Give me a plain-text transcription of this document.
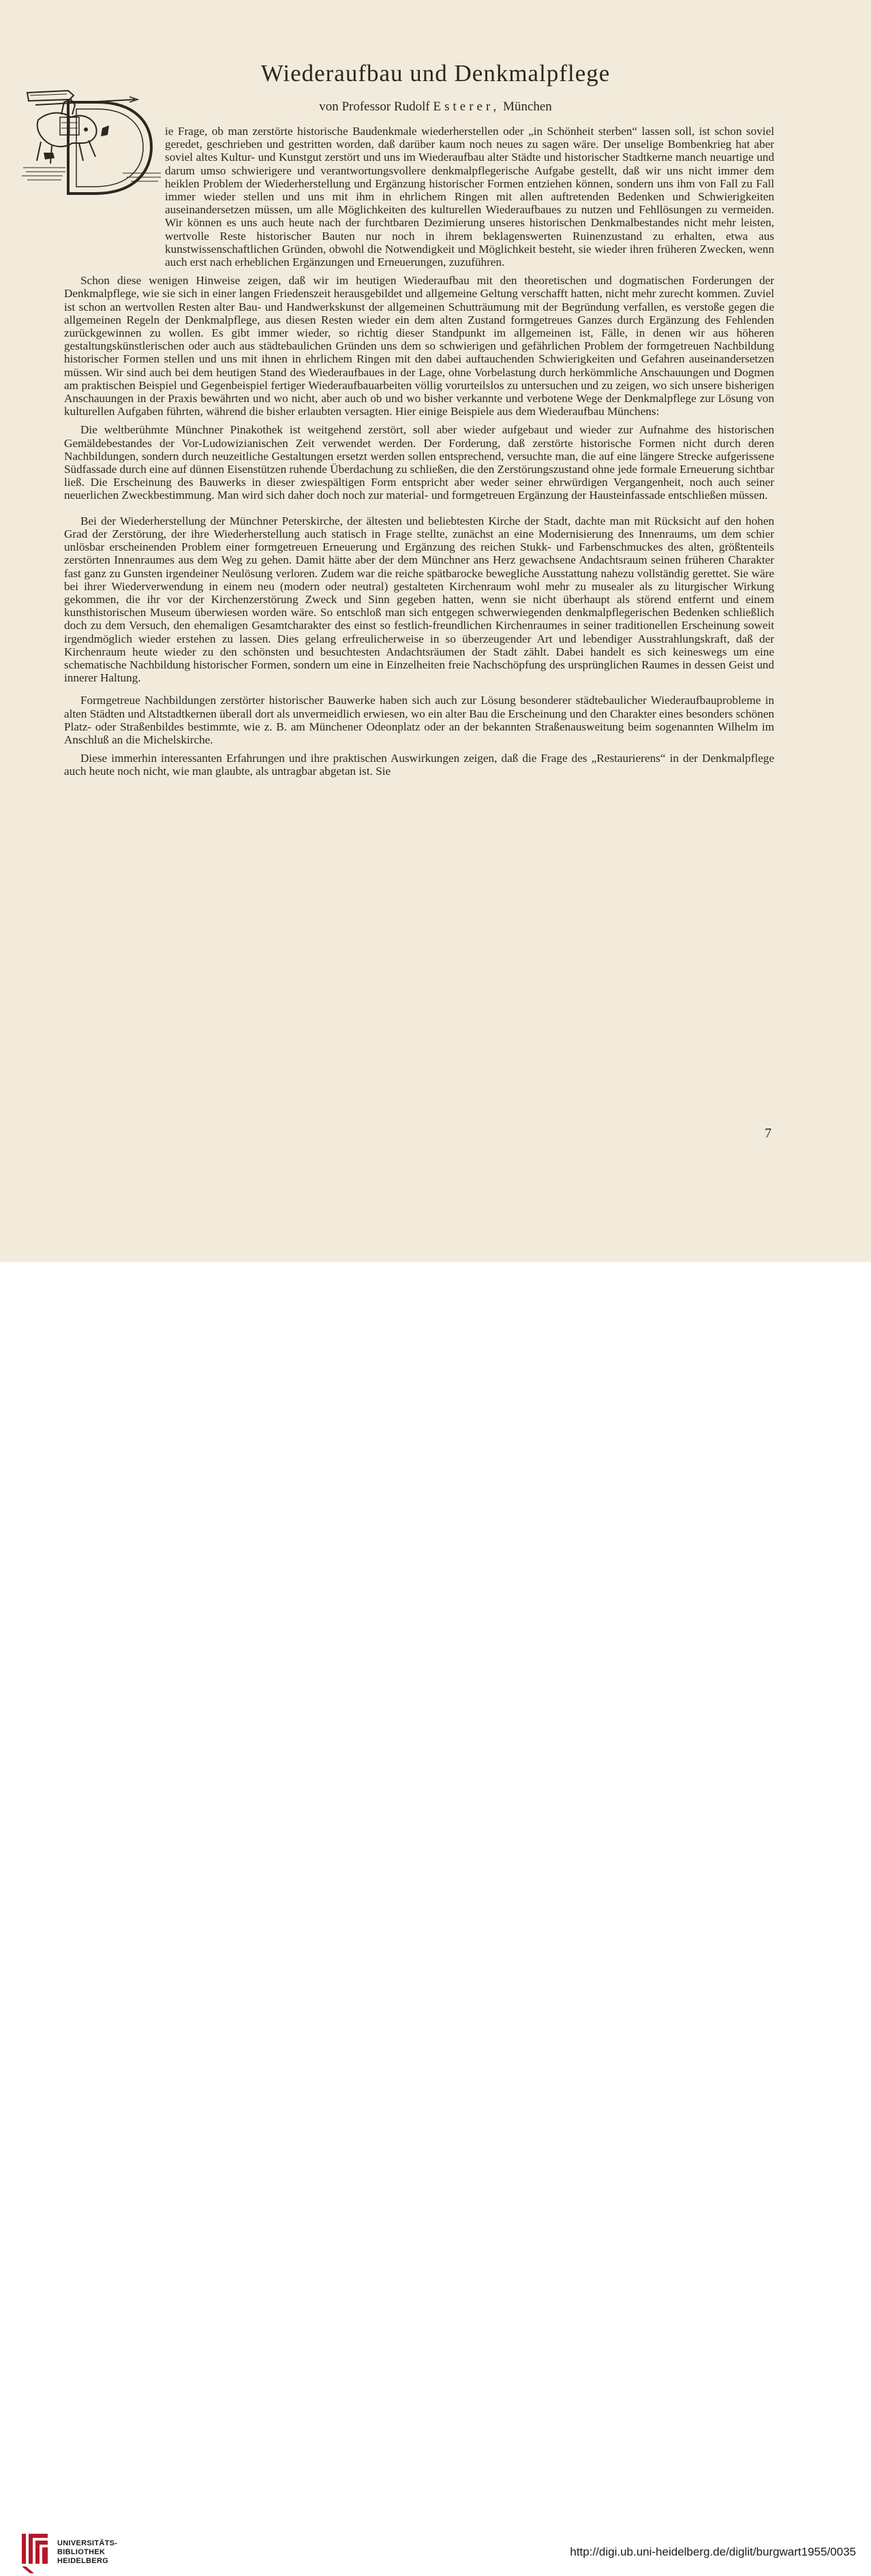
Wiederaufbau und Denkmalpflege
von Professor Rudolf Esterer, München

ie Frage, ob man zerstörte historische Baudenkmale wiederherstellen oder „in Schönheit sterben“ lassen soll, ist schon soviel geredet, geschrieben und gestritten worden, daß darüber kaum noch neues zu sagen wäre. Der unselige Bombenkrieg hat aber soviel altes Kultur- und Kunstgut zerstört und uns im Wiederaufbau alter Städte und historischer Stadtkerne manch neuartige und darum umso schwierigere und verantwortungsvollere denkmalpflegerische Aufgabe gestellt, daß wir uns nicht immer dem heiklen Problem der Wiederherstellung und Ergänzung historischer Formen entziehen können, sondern uns ihm von Fall zu Fall immer wieder stellen und uns mit ihm in ehrlichem Ringen mit allen auftretenden Bedenken und Schwierigkeiten auseinandersetzen müssen, um alle Möglichkeiten des kulturellen Wiederaufbaues zu nutzen und Fehllösungen zu vermeiden. Wir können es uns auch heute nach der furchtbaren Dezimierung unseres historischen Denkmalbestandes nicht mehr leisten, wertvolle Reste historischer Bauten nur noch in ihrem beklagenswerten Ruinenzustand zu erhalten, etwa aus kunstwissenschaftlichen Gründen, obwohl die Notwendigkeit und Möglichkeit besteht, sie wieder ihren früheren Zwecken, wenn auch erst nach erheblichen Ergänzungen und Erneuerungen, zuzuführen.

Schon diese wenigen Hinweise zeigen, daß wir im heutigen Wiederaufbau mit den theoretischen und dogmatischen Forderungen der Denkmalpflege, wie sie sich in einer langen Friedenszeit herausgebildet und allgemeine Geltung verschafft hatten, nicht mehr zurecht kommen. Zuviel ist schon an wertvollen Resten alter Bau- und Handwerkskunst der allgemeinen Schutträumung mit der Begründung verfallen, es verstoße gegen die allgemeinen Regeln der Denkmalpflege, aus diesen Resten wieder ein dem alten Zustand formgetreues Ganzes durch Ergänzung des Fehlenden zurückgewinnen zu wollen. Es gibt immer wieder, so richtig dieser Standpunkt im allgemeinen ist, Fälle, in denen wir aus höheren gestaltungskünstlerischen oder auch aus städtebaulichen Gründen uns dem so schwierigen und gefährlichen Problem der formgetreuen Nachbildung historischer Formen stellen und uns mit ihnen in ehrlichem Ringen mit den dabei auftauchenden Schwierigkeiten und Gefahren auseinandersetzen müssen. Wir sind auch bei dem heutigen Stand des Wiederaufbaues in der Lage, ohne Vorbelastung durch herkömmliche Anschauungen und Dogmen am praktischen Beispiel und Gegenbeispiel fertiger Wiederaufbauarbeiten völlig vorurteilslos zu untersuchen und zu zeigen, wo sich unsere bisherigen Anschauungen in der Praxis bewährten und wo nicht, aber auch ob und wo bisher verkannte und verbotene Wege der Denkmalpflege zur Lösung von kulturellen Aufgaben führten, während die bisher erlaubten versagten. Hier einige Beispiele aus dem Wiederaufbau Münchens:

Die weltberühmte Münchner Pinakothek ist weitgehend zerstört, soll aber wieder aufgebaut und wieder zur Aufnahme des historischen Gemäldebestandes der Vor-Ludowizianischen Zeit verwendet werden. Der Forderung, daß zerstörte historische Formen nicht durch deren Nachbildungen, sondern durch neuzeitliche Gestaltungen ersetzt werden sollen entsprechend, versuchte man, die auf eine längere Strecke aufgerissene Südfassade durch eine auf dünnen Eisenstützen ruhende Überdachung zu schließen, die den Zerstörungszustand ohne jede formale Erneuerung sichtbar ließ. Die Erscheinung des Bauwerks in dieser zwiespältigen Form entspricht aber weder seiner ehrwürdigen Vergangenheit, noch auch seiner neuerlichen Zweckbestimmung. Man wird sich daher doch noch zur material- und formgetreuen Ergänzung der Hausteinfassade entschließen müssen.

Bei der Wiederherstellung der Münchner Peterskirche, der ältesten und beliebtesten Kirche der Stadt, dachte man mit Rücksicht auf den hohen Grad der Zerstörung, der ihre Wiederherstellung auch statisch in Frage stellte, zunächst an eine Modernisierung des Innenraums, um dem schier unlösbar erscheinenden Problem einer formgetreuen Erneuerung und Ergänzung des reichen Stukk- und Farbenschmuckes des alten, größtenteils zerstörten Innenraumes aus dem Weg zu gehen. Damit hätte aber der dem Münchner ans Herz gewachsene Andachtsraum seinen früheren Charakter fast ganz zu Gunsten irgendeiner Neulösung verloren. Zudem war die reiche spätbarocke bewegliche Ausstattung nahezu vollständig gerettet. Sie wäre bei ihrer Wiederverwendung in einem neu (modern oder neutral) gestalteten Kirchenraum wohl mehr zu musealer als zu liturgischer Wirkung gekommen, die ihr vor der Kirchenzerstörung Zweck und Sinn gegeben hatten, wenn sie nicht überhaupt als störend entfernt und einem kunsthistorischen Museum überwiesen worden wäre. So entschloß man sich entgegen schwerwiegenden denkmalpflegerischen Bedenken schließlich doch zu dem Versuch, den ehemaligen Gesamtcharakter des einst so festlich-freundlichen Kirchenraumes in seiner traditionellen Erscheinung soweit irgendmöglich wieder erstehen zu lassen. Dies gelang erfreulicherweise in so überzeugender Art und lebendiger Ausstrahlungskraft, daß der Kirchenraum heute wieder zu den schönsten und besuchtesten Andachtsräumen der Stadt zählt. Dabei handelt es sich keineswegs um eine schematische Nachbildung historischer Formen, sondern um eine in Einzelheiten freie Nachschöpfung des ursprünglichen Raumes in dessen Geist und innerer Haltung.

Formgetreue Nachbildungen zerstörter historischer Bauwerke haben sich auch zur Lösung besonderer städtebaulicher Wiederaufbauprobleme in alten Städten und Altstadtkernen überall dort als unvermeidlich erwiesen, wo ein alter Bau die Erscheinung und den Charakter eines besonders schönen Platz- oder Straßenbildes bestimmte, wie z. B. am Münchener Odeonplatz oder an der bekannten Straßenausweitung beim sogenannten Wilhelm im Anschluß an die Michelskirche.

Diese immerhin interessanten Erfahrungen und ihre praktischen Auswirkungen zeigen, daß die Frage des „Restaurierens“ in der Denkmalpflege auch heute noch nicht, wie man glaubte, als untragbar abgetan ist. Sie

7
UNIVERSITÄTS-
BIBLIOTHEK
HEIDELBERG
http://digi.ub.uni-heidelberg.de/diglit/burgwart1955/0035
